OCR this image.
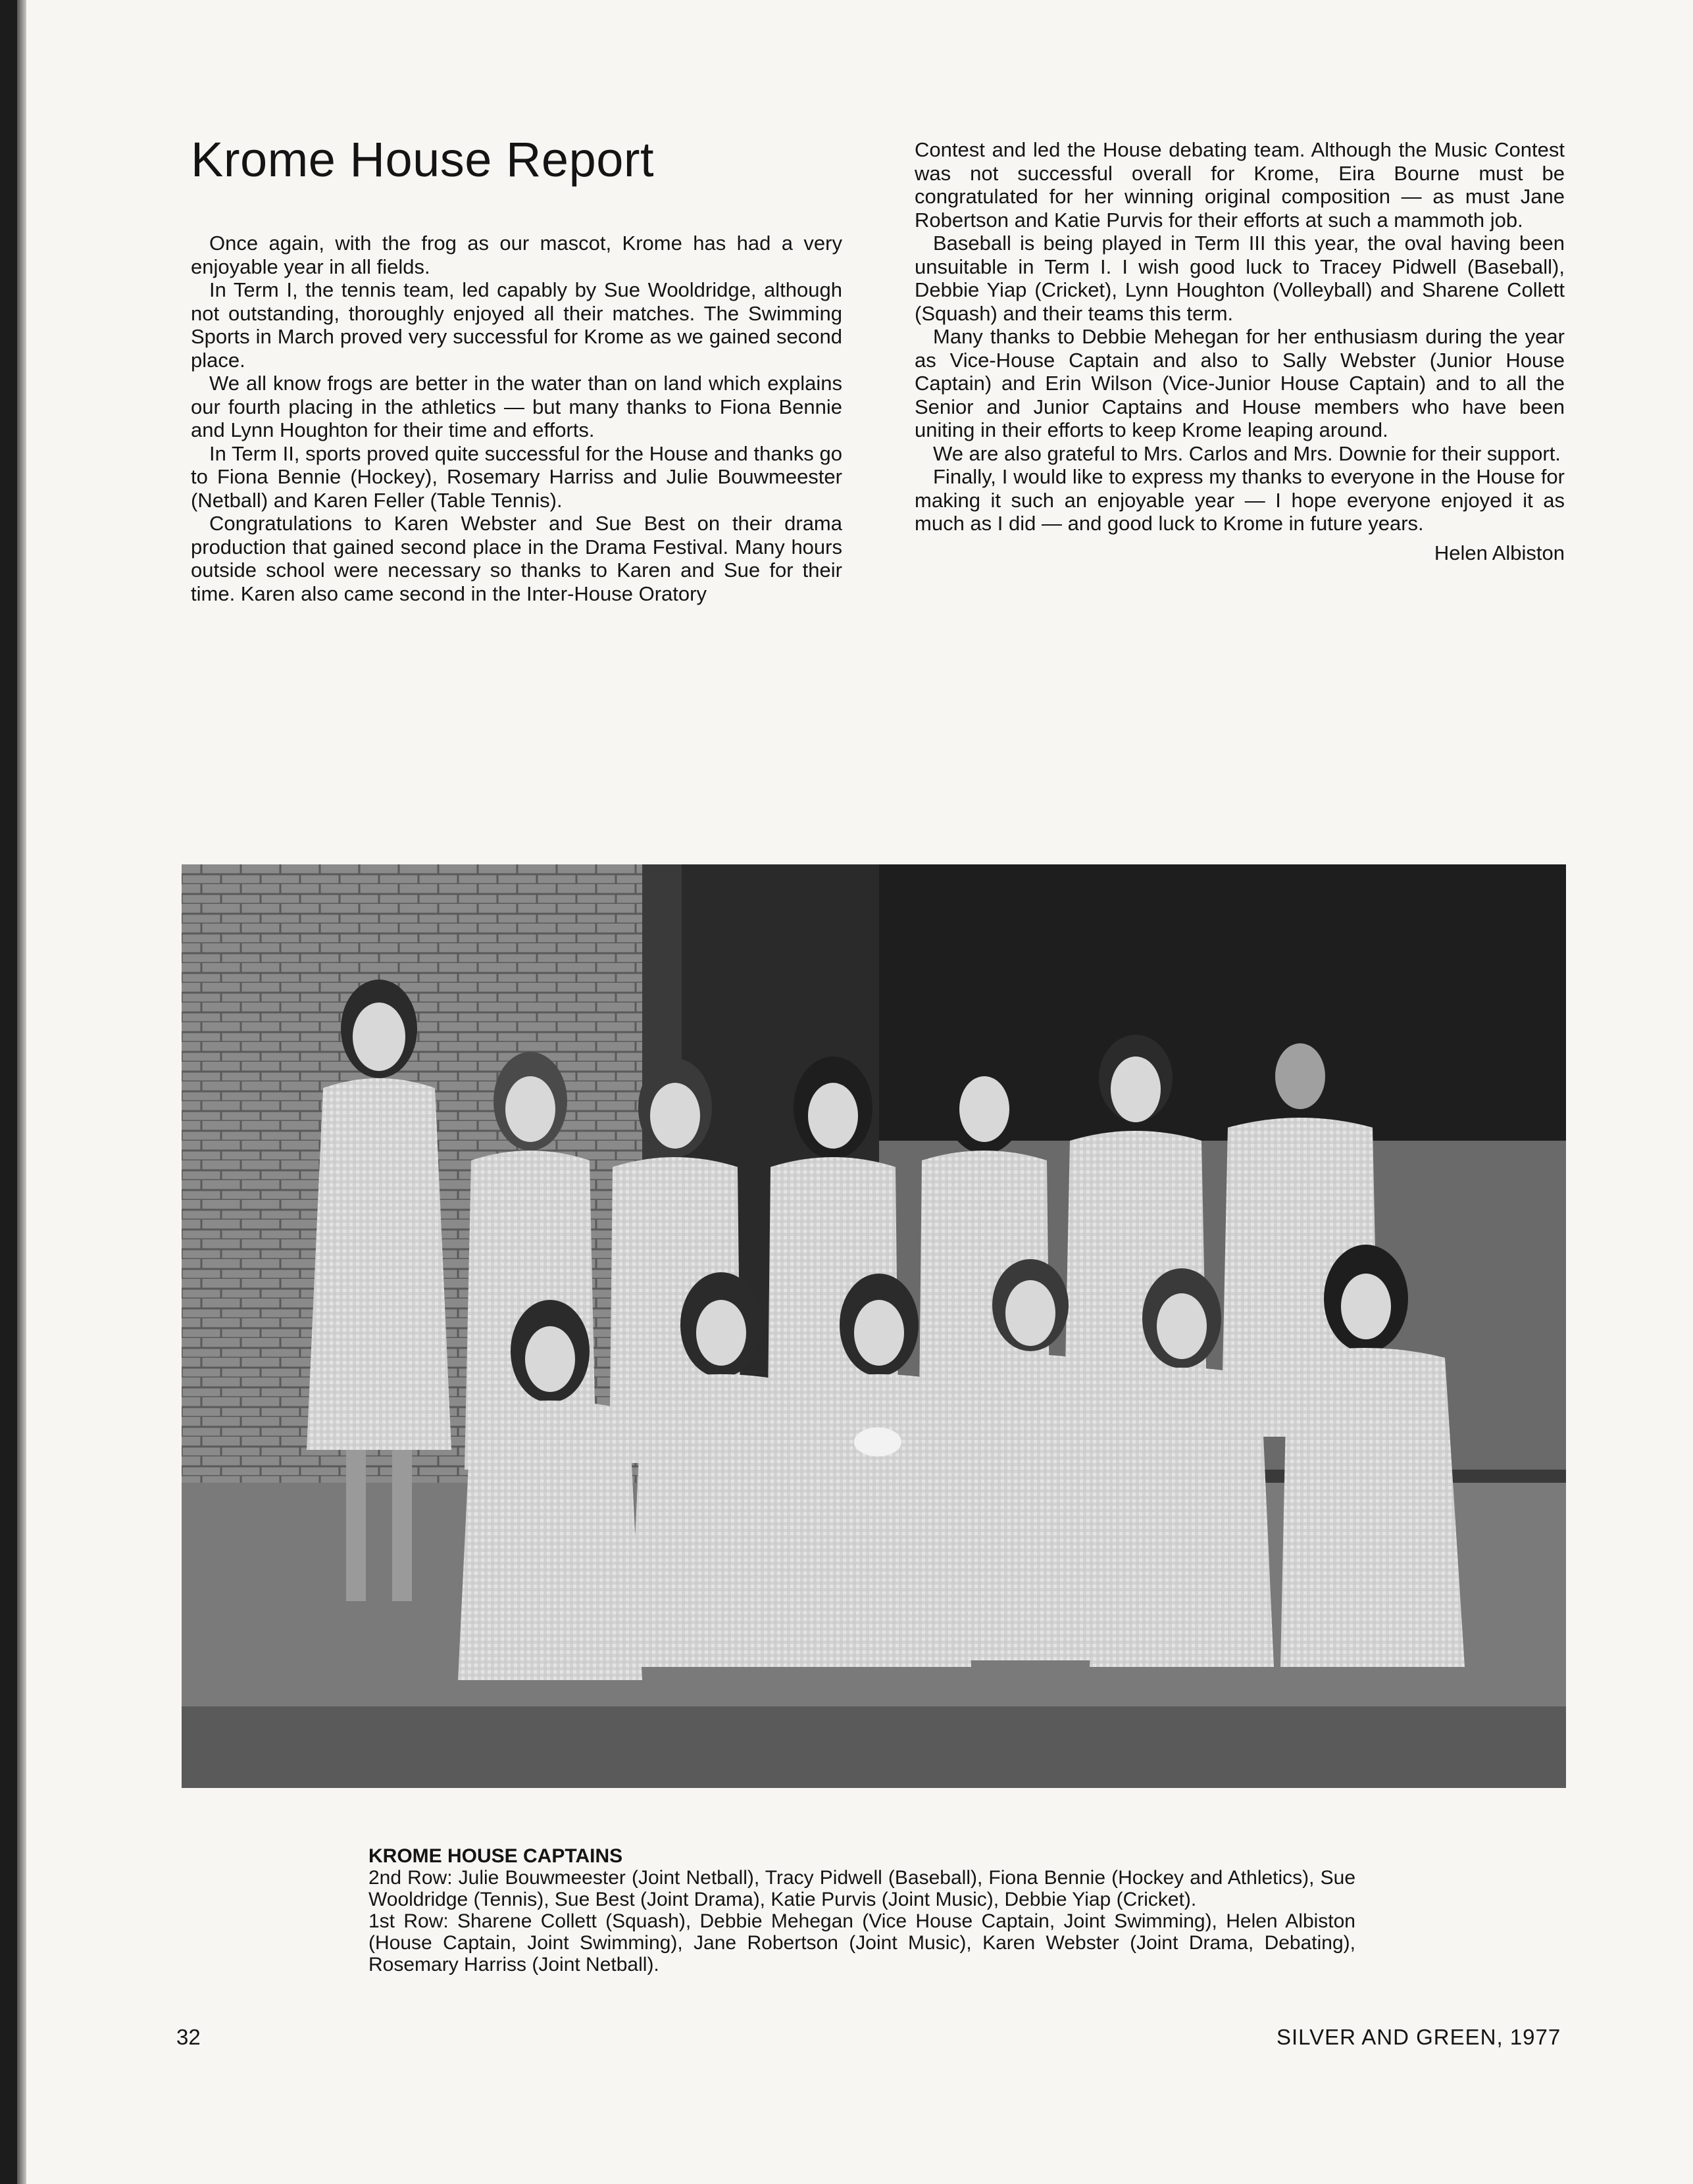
Krome House Report

Once again, with the frog as our mascot, Krome has had a very enjoyable year in all fields.

In Term I, the tennis team, led capably by Sue Wooldridge, although not outstanding, thoroughly enjoyed all their matches. The Swimming Sports in March proved very successful for Krome as we gained second place.

We all know frogs are better in the water than on land which explains our fourth placing in the athletics — but many thanks to Fiona Bennie and Lynn Houghton for their time and efforts.

In Term II, sports proved quite successful for the House and thanks go to Fiona Bennie (Hockey), Rosemary Harriss and Julie Bouwmeester (Netball) and Karen Feller (Table Tennis).

Congratulations to Karen Webster and Sue Best on their drama production that gained second place in the Drama Festival. Many hours outside school were necessary so thanks to Karen and Sue for their time. Karen also came second in the Inter-House Oratory

Contest and led the House debating team. Although the Music Contest was not successful overall for Krome, Eira Bourne must be congratulated for her winning original composition — as must Jane Robertson and Katie Purvis for their efforts at such a mammoth job.

Baseball is being played in Term III this year, the oval having been unsuitable in Term I. I wish good luck to Tracey Pidwell (Baseball), Debbie Yiap (Cricket), Lynn Houghton (Volleyball) and Sharene Collett (Squash) and their teams this term.

Many thanks to Debbie Mehegan for her enthusiasm during the year as Vice-House Captain and also to Sally Webster (Junior House Captain) and Erin Wilson (Vice-Junior House Captain) and to all the Senior and Junior Captains and House members who have been uniting in their efforts to keep Krome leaping around.

We are also grateful to Mrs. Carlos and Mrs. Downie for their support.

Finally, I would like to express my thanks to everyone in the House for making it such an enjoyable year — I hope everyone enjoyed it as much as I did — and good luck to Krome in future years.

Helen Albiston

KROME HOUSE CAPTAINS

2nd Row: Julie Bouwmeester (Joint Netball), Tracy Pidwell (Baseball), Fiona Bennie (Hockey and Athletics), Sue Wooldridge (Tennis), Sue Best (Joint Drama), Katie Purvis (Joint Music), Debbie Yiap (Cricket).

1st Row: Sharene Collett (Squash), Debbie Mehegan (Vice House Captain, Joint Swimming), Helen Albiston (House Captain, Joint Swimming), Jane Robertson (Joint Music), Karen Webster (Joint Drama, Debating), Rosemary Harriss (Joint Netball).

32	SILVER AND GREEN, 1977
